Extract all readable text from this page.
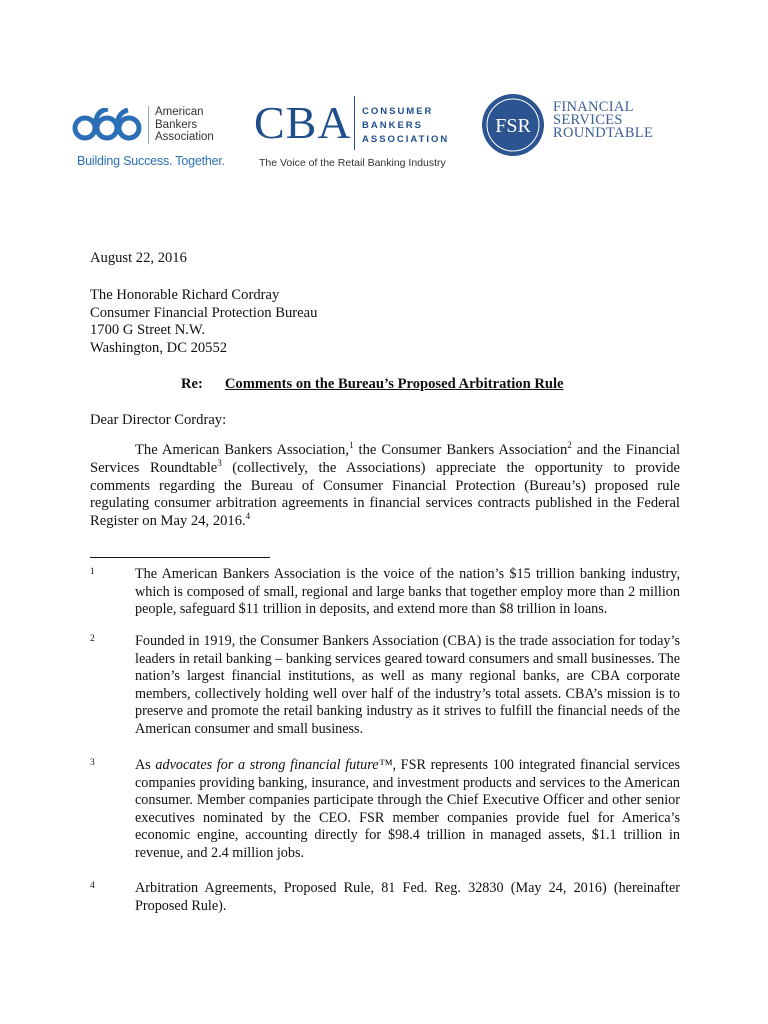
American
Bankers
Association
Building Success. Together.
CBA CONSUMER
BANKERS
ASSOCIATION
The Voice of the Retail Banking Industry
FSR
FINANCIAL
SERVICES
ROUNDTABLE
August 22, 2016
The Honorable Richard Cordray
Consumer Financial Protection Bureau
1700 G Street N.W.
Washington, DC 20552
Re: Comments on the Bureau’s Proposed Arbitration Rule
Dear Director Cordray:

The American Bankers Association,$^1$ the Consumer Bankers Association$^2$ and the Financial Services Roundtable$^3$ (collectively, the Associations) appreciate the opportunity to provide comments regarding the Bureau of Consumer Financial Protection (Bureau’s) proposed rule regulating consumer arbitration agreements in financial services contracts published in the Federal Register on May 24, 2016.$^4$

1	The American Bankers Association is the voice of the nation’s $15 trillion banking industry, which is composed of small, regional and large banks that together employ more than 2 million people, safeguard $11 trillion in deposits, and extend more than $8 trillion in loans.
2	Founded in 1919, the Consumer Bankers Association (CBA) is the trade association for today’s leaders in retail banking – banking services geared toward consumers and small businesses. The nation’s largest financial institutions, as well as many regional banks, are CBA corporate members, collectively holding well over half of the industry’s total assets. CBA’s mission is to preserve and promote the retail banking industry as it strives to fulfill the financial needs of the American consumer and small business.
3	As advocates for a strong financial future™, FSR represents 100 integrated financial services companies providing banking, insurance, and investment products and services to the American consumer. Member companies participate through the Chief Executive Officer and other senior executives nominated by the CEO. FSR member companies provide fuel for America’s economic engine, accounting directly for $98.4 trillion in managed assets, $1.1 trillion in revenue, and 2.4 million jobs.
4	Arbitration Agreements, Proposed Rule, 81 Fed. Reg. 32830 (May 24, 2016) (hereinafter Proposed Rule).
